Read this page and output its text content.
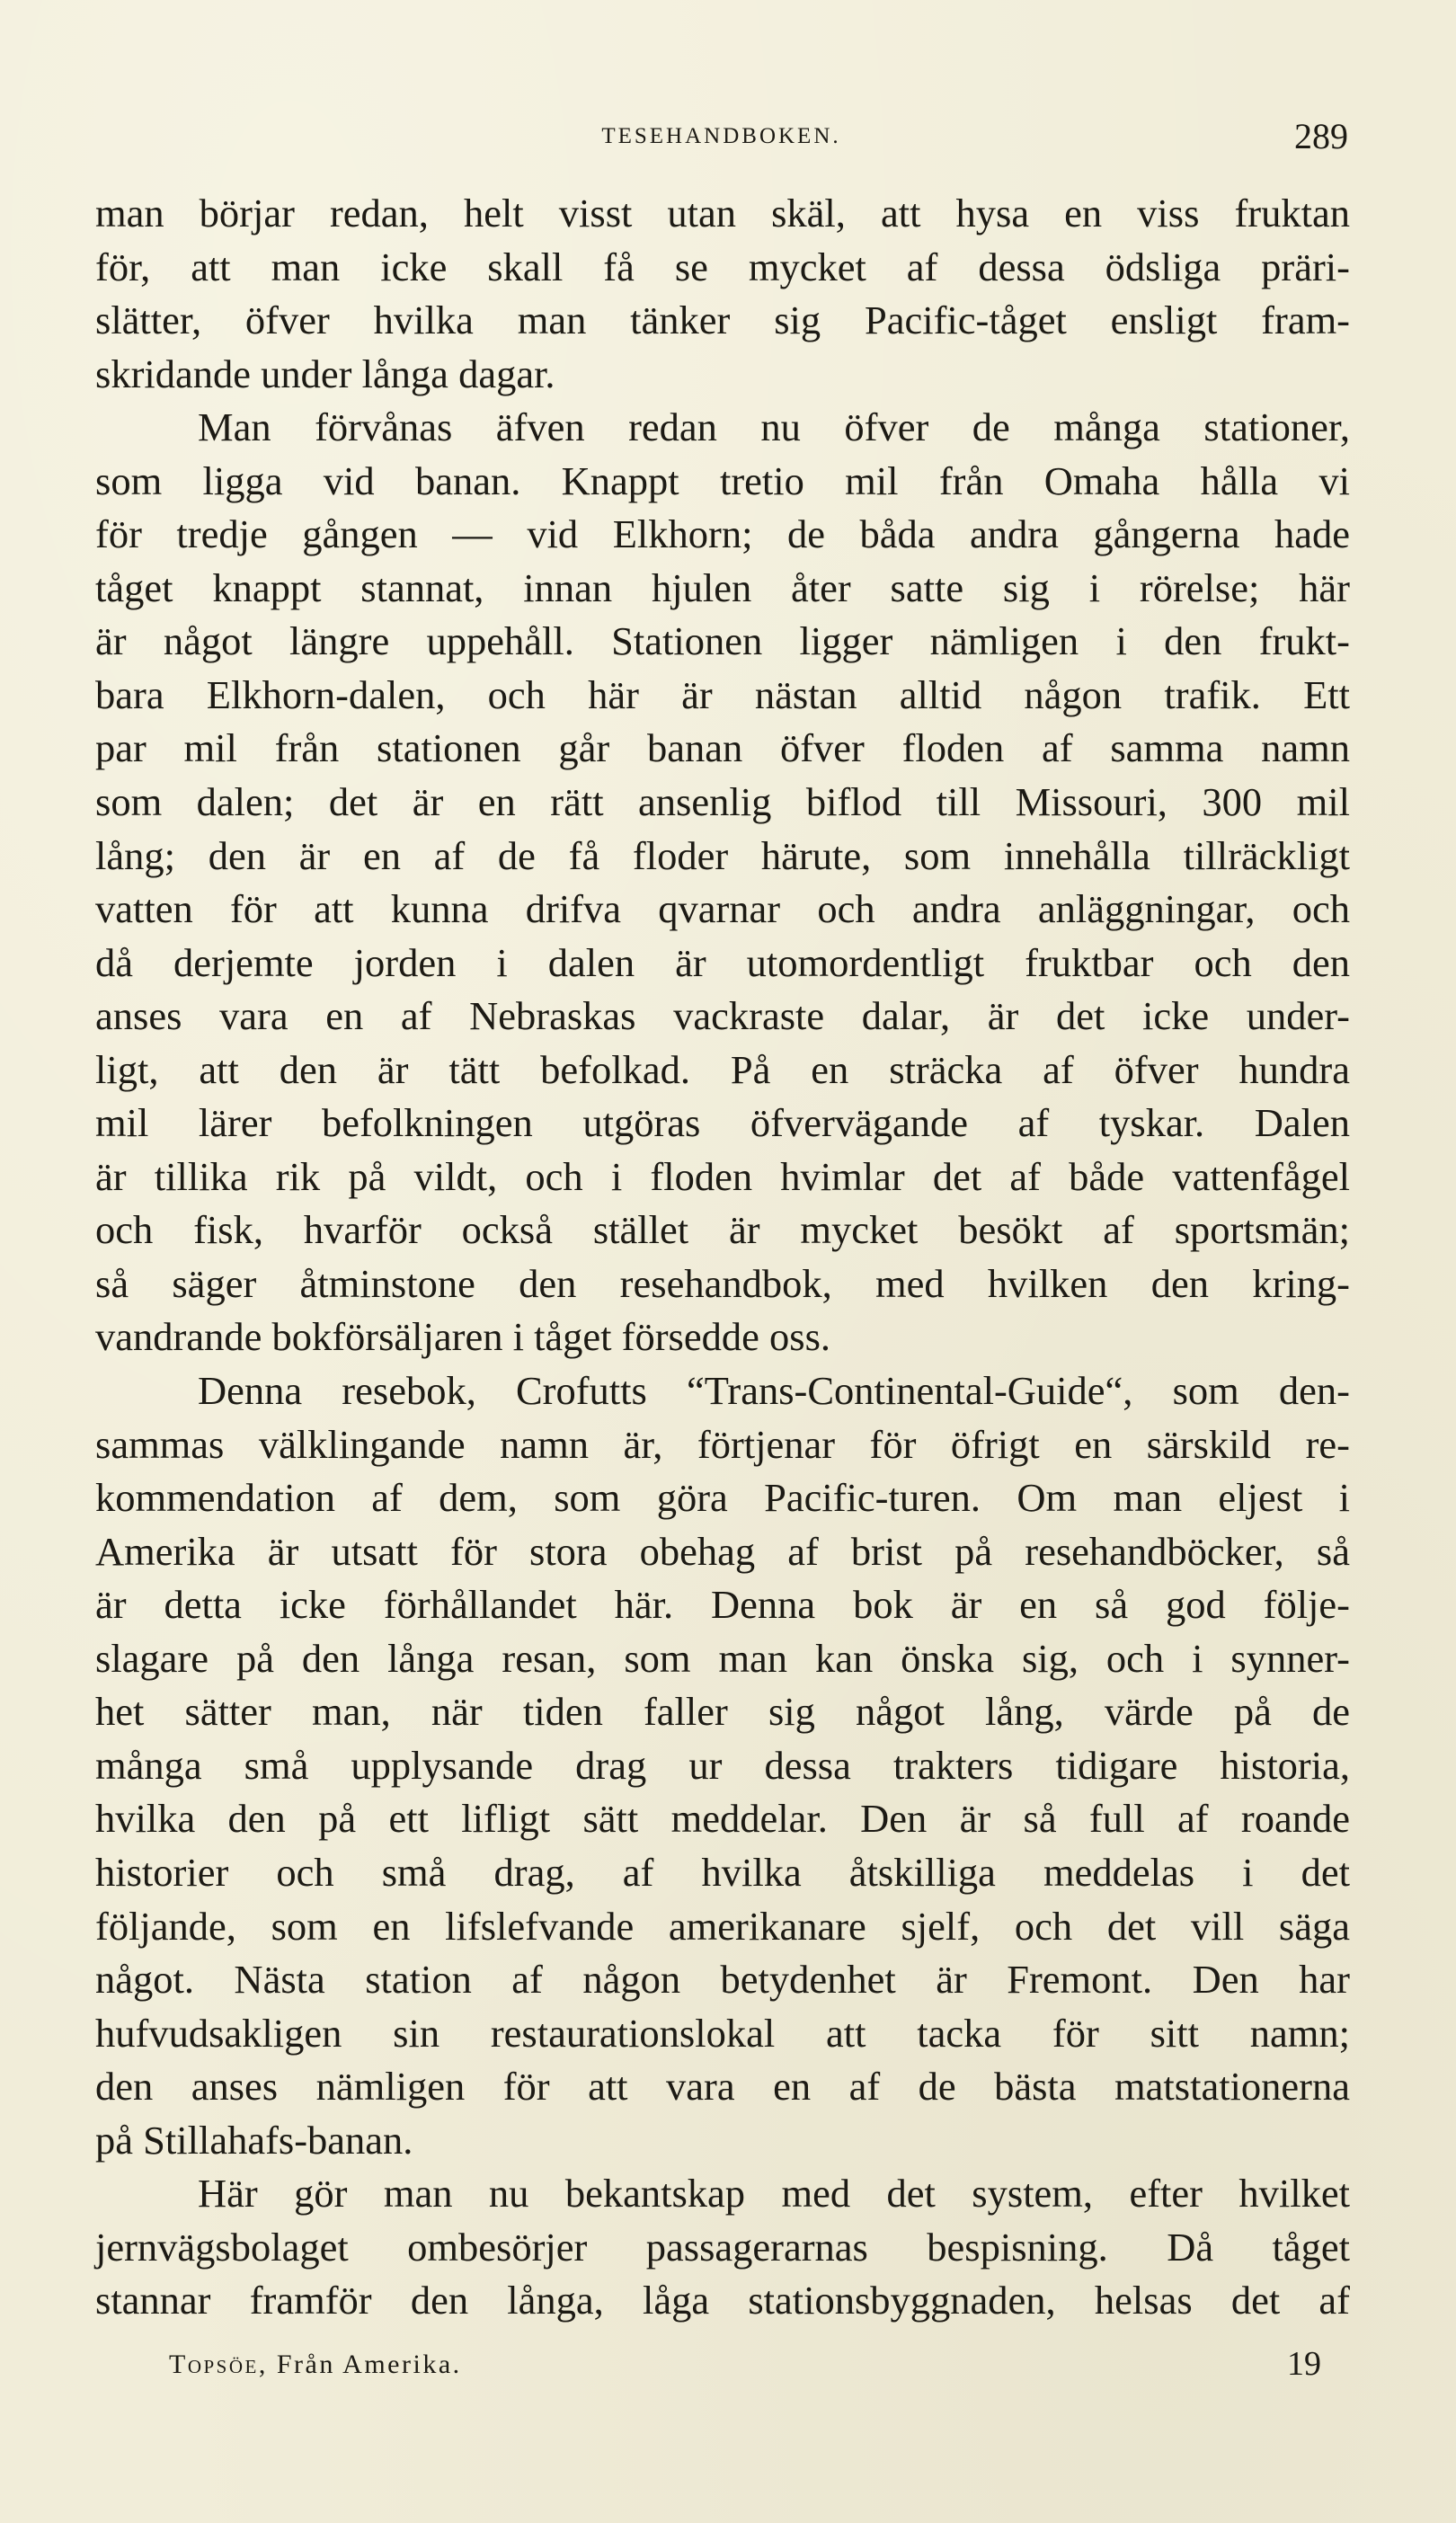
TESEHANDBOKEN.	289
man börjar redan, helt visst utan skäl, att hysa en viss fruktan
för, att man icke skall få se mycket af dessa ödsliga präri-
slätter, öfver hvilka man tänker sig Pacific-tåget ensligt fram-
skridande under långa dagar.
Man förvånas äfven redan nu öfver de många stationer,
som ligga vid banan. Knappt tretio mil från Omaha hålla vi
för tredje gången — vid Elkhorn; de båda andra gångerna hade
tåget knappt stannat, innan hjulen åter satte sig i rörelse; här
är något längre uppehåll. Stationen ligger nämligen i den frukt-
bara Elkhorn-dalen, och här är nästan alltid någon trafik. Ett
par mil från stationen går banan öfver floden af samma namn
som dalen; det är en rätt ansenlig biflod till Missouri, 300 mil
lång; den är en af de få floder härute, som innehålla tillräckligt
vatten för att kunna drifva qvarnar och andra anläggningar, och
då derjemte jorden i dalen är utomordentligt fruktbar och den
anses vara en af Nebraskas vackraste dalar, är det icke under-
ligt, att den är tätt befolkad. På en sträcka af öfver hundra
mil lärer befolkningen utgöras öfvervägande af tyskar. Dalen
är tillika rik på vildt, och i floden hvimlar det af både vattenfågel
och fisk, hvarför också stället är mycket besökt af sportsmän;
så säger åtminstone den resehandbok, med hvilken den kring-
vandrande bokförsäljaren i tåget försedde oss.
Denna resebok, Crofutts “Trans-Continental-Guide“, som den-
sammas välklingande namn är, förtjenar för öfrigt en särskild re-
kommendation af dem, som göra Pacific-turen. Om man eljest i
Amerika är utsatt för stora obehag af brist på resehandböcker, så
är detta icke förhållandet här. Denna bok är en så god följe-
slagare på den långa resan, som man kan önska sig, och i synner-
het sätter man, när tiden faller sig något lång, värde på de
många små upplysande drag ur dessa trakters tidigare historia,
hvilka den på ett lifligt sätt meddelar. Den är så full af roande
historier och små drag, af hvilka åtskilliga meddelas i det
följande, som en lifslefvande amerikanare sjelf, och det vill säga
något. Nästa station af någon betydenhet är Fremont. Den har
hufvudsakligen sin restaurationslokal att tacka för sitt namn;
den anses nämligen för att vara en af de bästa matstationerna
på Stillahafs-banan.
Här gör man nu bekantskap med det system, efter hvilket
jernvägsbolaget ombesörjer passagerarnas bespisning. Då tåget
stannar framför den långa, låga stationsbyggnaden, helsas det af
Topsöe, Från Amerika.	19
